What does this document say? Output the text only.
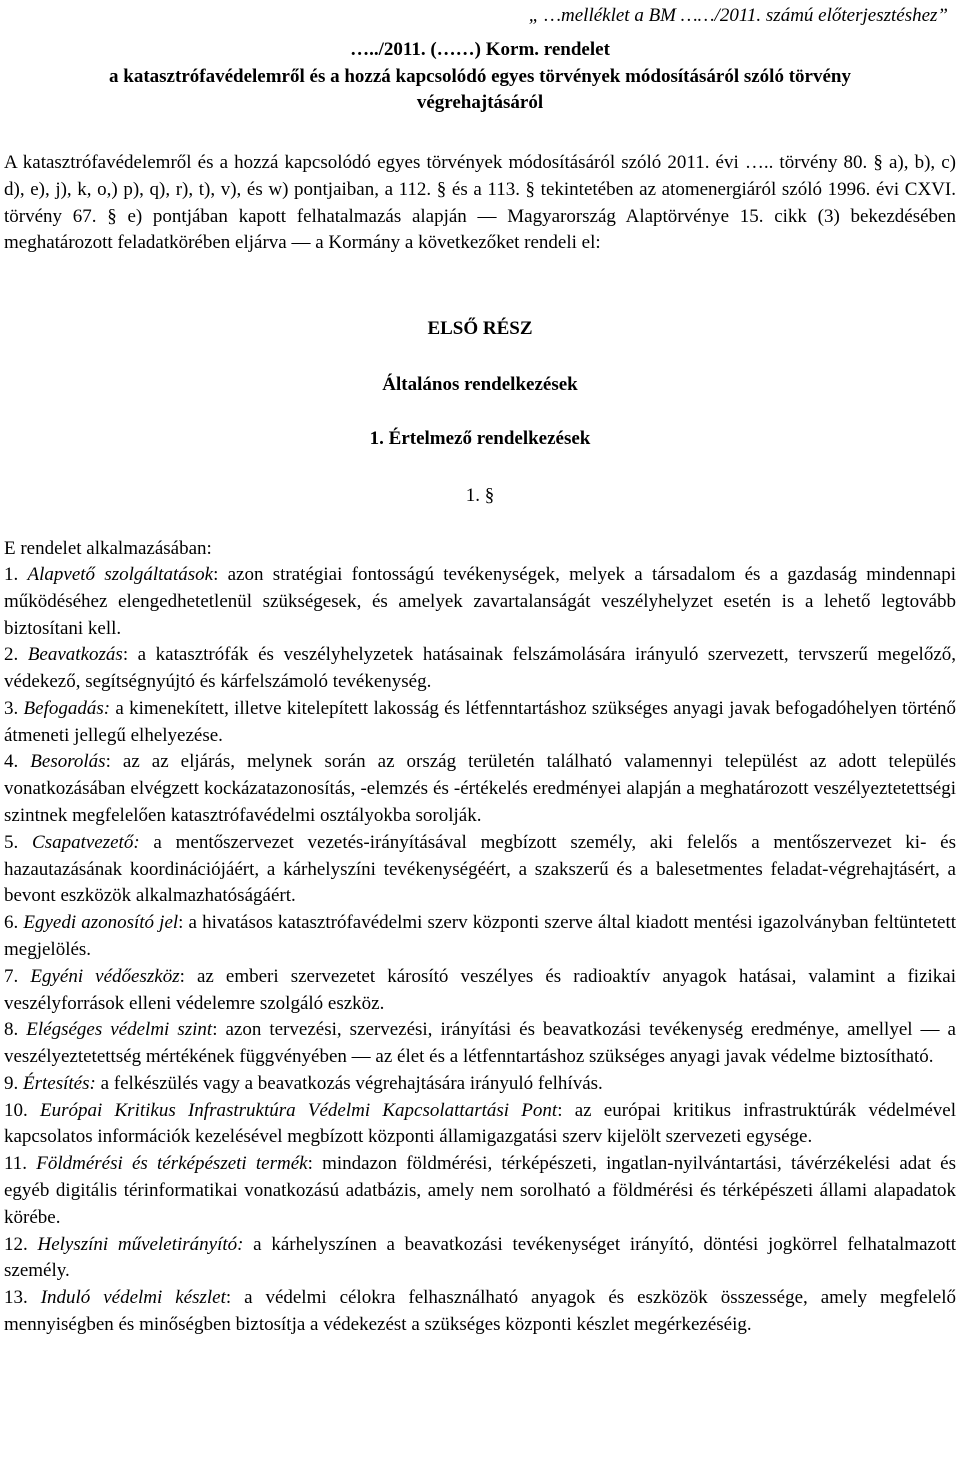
„ …melléklet a BM ……/2011. számú előterjesztéshez”
…../2011. (……) Korm. rendelet
a katasztrófavédelemről és a hozzá kapcsolódó egyes törvények módosításáról szóló törvény
végrehajtásáról

A katasztrófavédelemről és a hozzá kapcsolódó egyes törvények módosításáról szóló 2011. évi ….. törvény 80. § a), b), c) d), e), j), k, o,) p), q), r), t), v), és w) pontjaiban, a 112. § és a 113. § tekintetében az atomenergiáról szóló 1996. évi CXVI. törvény 67. § e) pontjában kapott felhatalmazás alapján — Magyarország Alaptörvénye 15. cikk (3) bekezdésében meghatározott feladatkörében eljárva — a Kormány a következőket rendeli el:

ELSŐ RÉSZ
Általános rendelkezések
1. Értelmező rendelkezések
1. §
E rendelet alkalmazásában:

1. Alapvető szolgáltatások: azon stratégiai fontosságú tevékenységek, melyek a társadalom és a gazdaság mindennapi működéséhez elengedhetetlenül szükségesek, és amelyek zavartalanságát veszélyhelyzet esetén is a lehető legtovább biztosítani kell.

2. Beavatkozás: a katasztrófák és veszélyhelyzetek hatásainak felszámolására irányuló szervezett, tervszerű megelőző, védekező, segítségnyújtó és kárfelszámoló tevékenység.

3. Befogadás: a kimenekített, illetve kitelepített lakosság és létfenntartáshoz szükséges anyagi javak befogadóhelyen történő átmeneti jellegű elhelyezése.

4. Besorolás: az az eljárás, melynek során az ország területén található valamennyi települést az adott település vonatkozásában elvégzett kockázatazonosítás, -elemzés és -értékelés eredményei alapján a meghatározott veszélyeztetettségi szintnek megfelelően katasztrófavédelmi osztályokba sorolják.

5. Csapatvezető: a mentőszervezet vezetés-irányításával megbízott személy, aki felelős a mentőszervezet ki- és hazautazásának koordinációjáért, a kárhelyszíni tevékenységéért, a szakszerű és a balesetmentes feladat-végrehajtásért, a bevont eszközök alkalmazhatóságáért.

6. Egyedi azonosító jel: a hivatásos katasztrófavédelmi szerv központi szerve által kiadott mentési igazolványban feltüntetett megjelölés.

7. Egyéni védőeszköz: az emberi szervezetet károsító veszélyes és radioaktív anyagok hatásai, valamint a fizikai veszélyforrások elleni védelemre szolgáló eszköz.

8. Elégséges védelmi szint: azon tervezési, szervezési, irányítási és beavatkozási tevékenység eredménye, amellyel — a veszélyeztetettség mértékének függvényében — az élet és a létfenntartáshoz szükséges anyagi javak védelme biztosítható.

9. Értesítés: a felkészülés vagy a beavatkozás végrehajtására irányuló felhívás.

10. Európai Kritikus Infrastruktúra Védelmi Kapcsolattartási Pont: az európai kritikus infrastruktúrák védelmével kapcsolatos információk kezelésével megbízott központi államigazgatási szerv kijelölt szervezeti egysége.

11. Földmérési és térképészeti termék: mindazon földmérési, térképészeti, ingatlan-nyilvántartási, távérzékelési adat és egyéb digitális térinformatikai vonatkozású adatbázis, amely nem sorolható a földmérési és térképészeti állami alapadatok körébe.

12. Helyszíni műveletirányító: a kárhelyszínen a beavatkozási tevékenységet irányító, döntési jogkörrel felhatalmazott személy.

13. Induló védelmi készlet: a védelmi célokra felhasználható anyagok és eszközök összessége, amely megfelelő mennyiségben és minőségben biztosítja a védekezést a szükséges központi készlet megérkezéséig.
